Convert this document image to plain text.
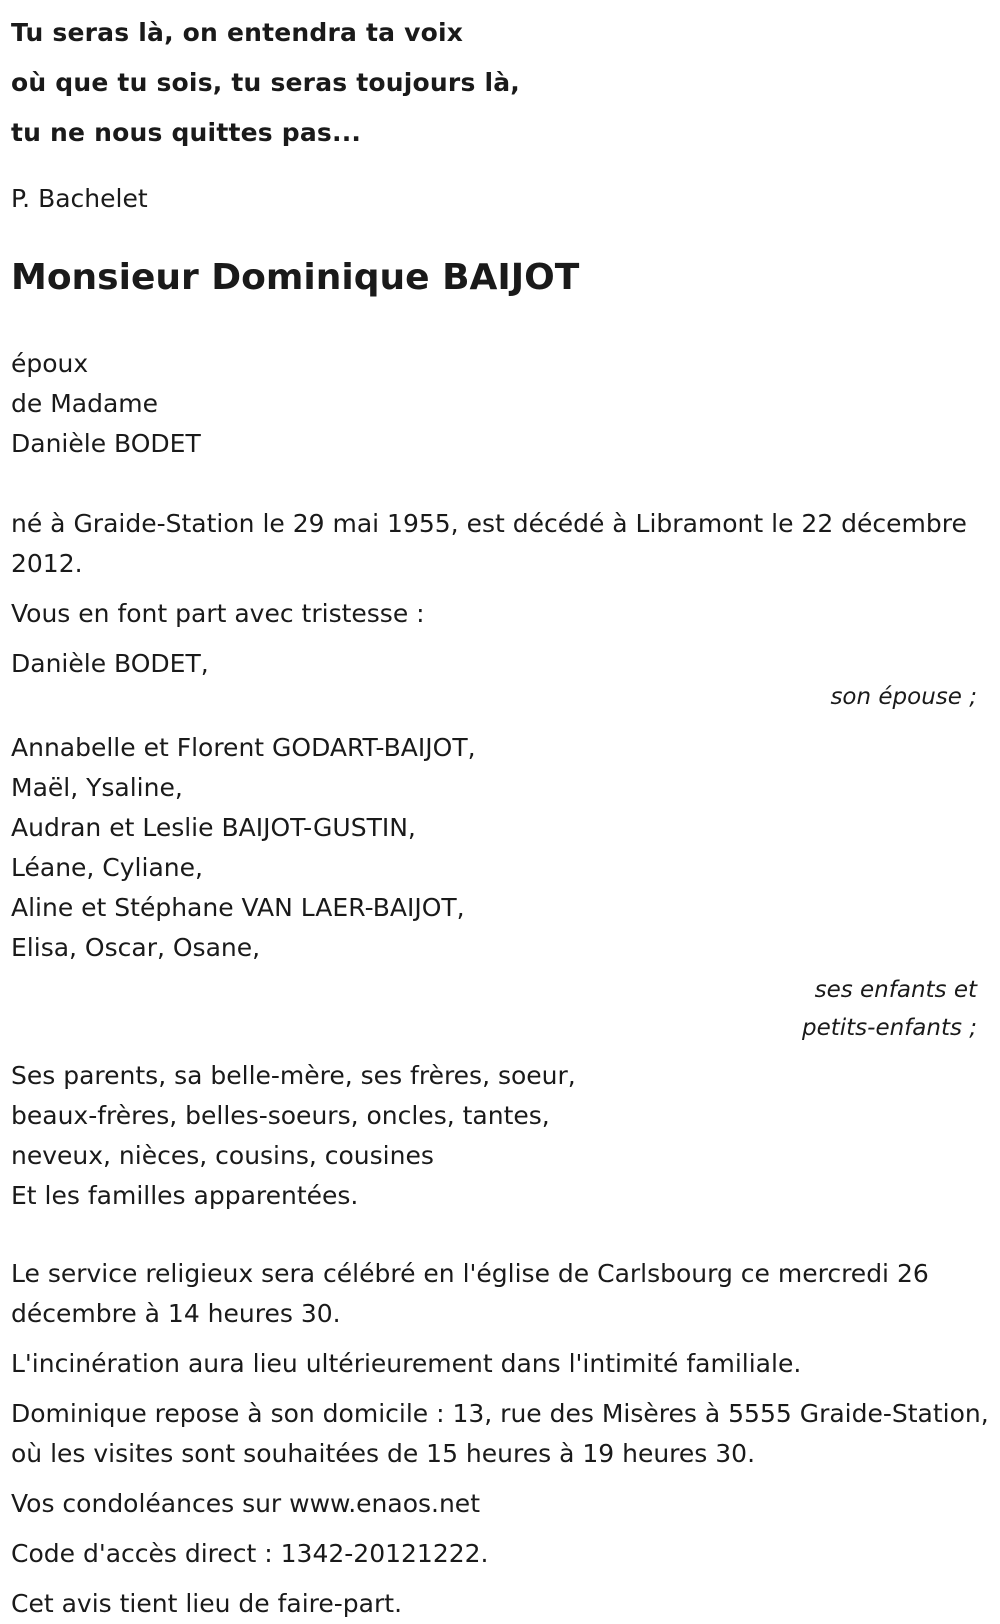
Tu seras là, on entendra ta voix

où que tu sois, tu seras toujours là,

tu ne nous quittes pas...

P. Bachelet
Monsieur Dominique BAIJOT

époux

de Madame

Danièle BODET

né à Graide-Station le 29 mai 1955, est décédé à Libramont le 22 décembre 2012.
Vous en font part avec tristesse :

Danièle BODET,

son épouse ;

Annabelle et Florent GODART-BAIJOT,

Maël, Ysaline,

Audran et Leslie BAIJOT-GUSTIN,

Léane, Cyliane,

Aline et Stéphane VAN LAER-BAIJOT,

Elisa, Oscar, Osane,

ses enfants et
petits-enfants ;

Ses parents, sa belle-mère, ses frères, soeur,

beaux-frères, belles-soeurs, oncles, tantes,

neveux, nièces, cousins, cousines

Et les familles apparentées.

Le service religieux sera célébré en l'église de Carlsbourg ce mercredi 26 décembre à 14 heures 30.
L'incinération aura lieu ultérieurement dans l'intimité familiale.
Dominique repose à son domicile : 13, rue des Misères à 5555 Graide-Station, où les visites sont souhaitées de 15 heures à 19 heures 30.
Vos condoléances sur www.enaos.net
Code d'accès direct : 1342-20121222.
Cet avis tient lieu de faire-part.
